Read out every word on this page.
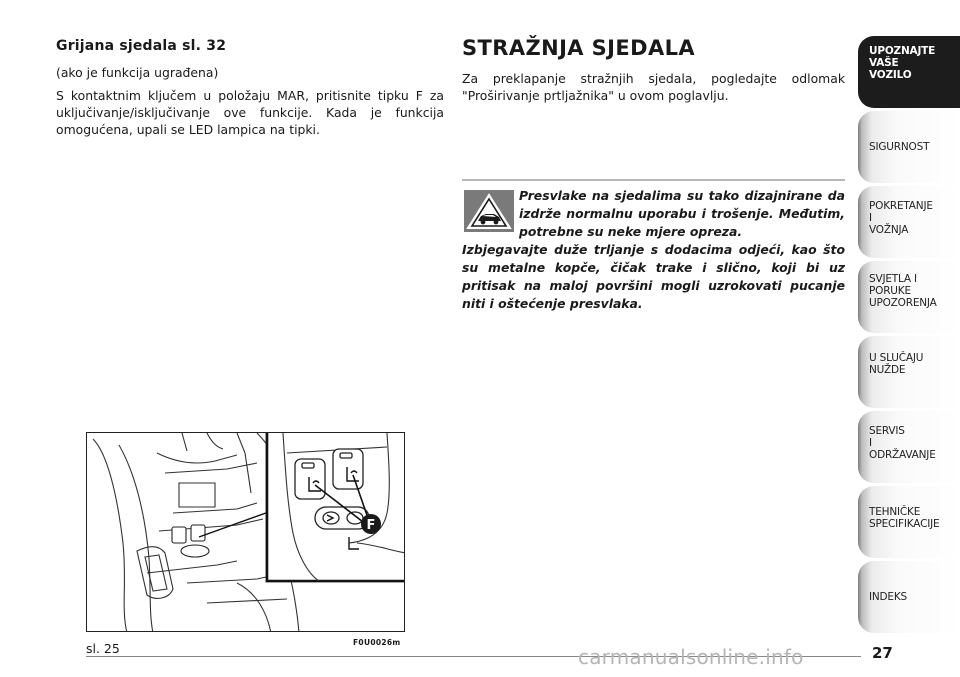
Grijana sjedala sl. 32

(ako je funkcija ugrađena)

S kontaktnim ključem u položaju MAR, pritisnite tipku F za uključivanje/isključivanje ove funkcije. Kada je funkcija omogućena, upali se LED lampica na tipki.

STRAŽNJA SJEDALA

Za preklapanje stražnjih sjedala, pogledajte odlomak "Proširivanje prtljažnika" u ovom poglavlju.

Presvlake na sjedalima su tako dizajnirane da izdrže normalnu uporabu i trošenje. Međutim, potrebne su neke mjere opreza.

Izbjegavajte duže trljanje s dodacima odjeći, kao što su metalne kopče, čičak trake i slično, koji bi uz pritisak na maloj površini mogli uzrokovati pucanje niti i oštećenje presvlaka.

F
F0U0026m
sl. 25
UPOZNAJTE
VAŠE
VOZILO
SIGURNOST
POKRETANJE
I
VOŽNJA
SVJETLA I
PORUKE
UPOZORENJA
U SLUČAJU
NUŽDE
SERVIS
I
ODRŽAVANJE
TEHNIČKE
SPECIFIKACIJE
INDEKS
27
carmanualsonline.info
